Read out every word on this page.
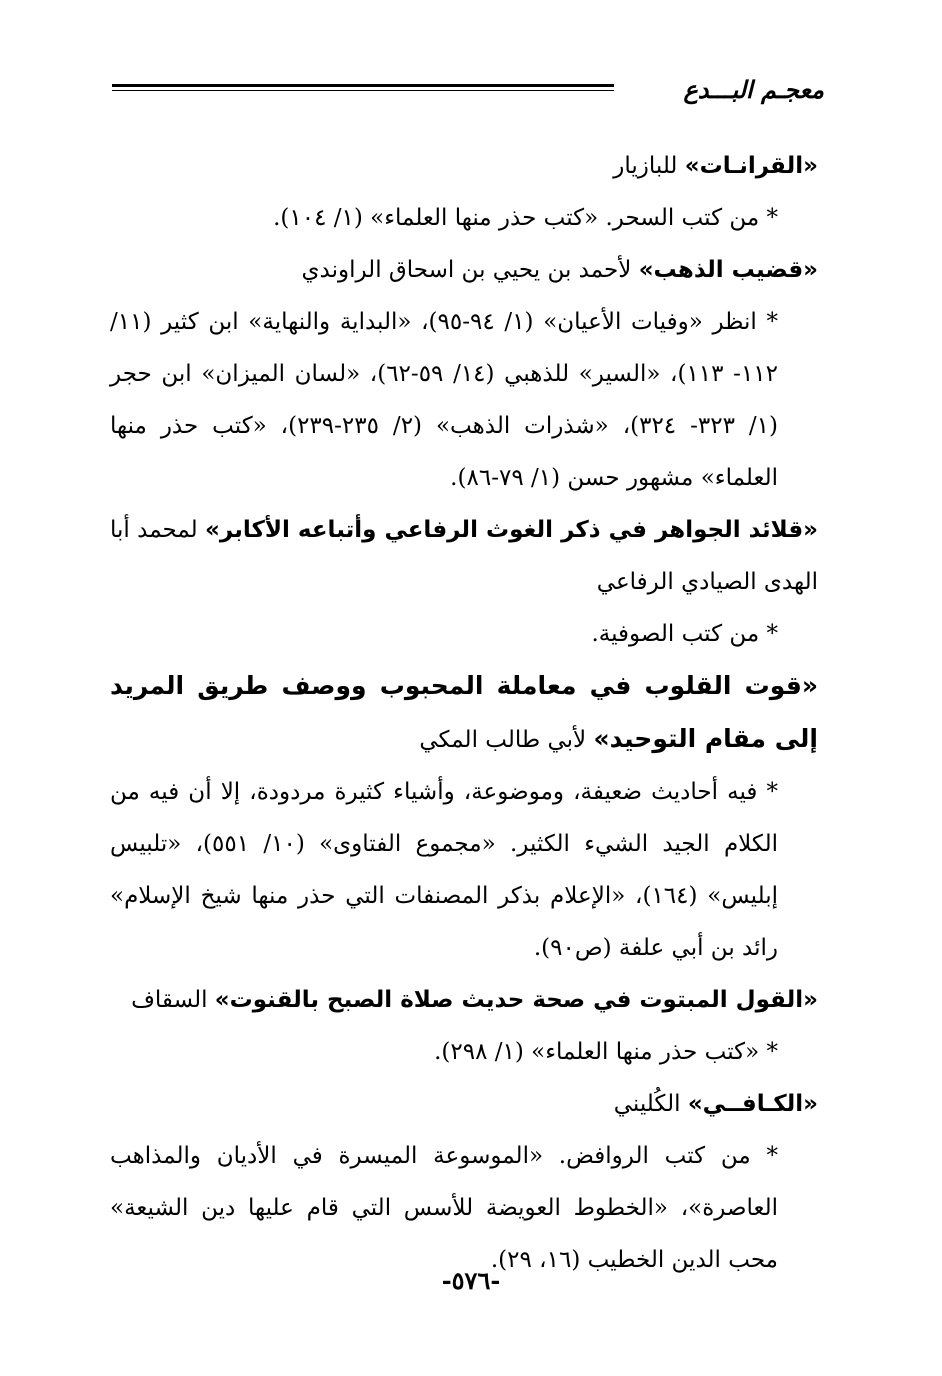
معجـم البـــدع

«القرانـات» للبازيار

* من كتب السحر. «كتب حذر منها العلماء» (١/ ١٠٤).

«قضيب الذهب» لأحمد بن يحيي بن اسحاق الراوندي

* انظر «وفيات الأعيان» (١/ ٩٤-٩٥)، «البداية والنهاية» ابن كثير (١١/ ١١٢- ١١٣)، «السير» للذهبي (١٤/ ٥٩-٦٢)، «لسان الميزان» ابن حجر (١/ ٣٢٣- ٣٢٤)، «شذرات الذهب» (٢/ ٢٣٥-٢٣٩)، «كتب حذر منها العلماء» مشهور حسن (١/ ٧٩-٨٦).

«قلائد الجواهر في ذكر الغوث الرفاعي وأتباعه الأكابر» لمحمد أبا الهدى الصيادي الرفاعي

* من كتب الصوفية.

«قوت القلوب في معاملة المحبوب ووصف طريق المريد إلى مقام التوحيد» لأبي طالب المكي

* فيه أحاديث ضعيفة، وموضوعة، وأشياء كثيرة مردودة، إلا أن فيه من الكلام الجيد الشيء الكثير. «مجموع الفتاوى» (١٠/ ٥٥١)، «تلبيس إبليس» (١٦٤)، «الإعلام بذكر المصنفات التي حذر منها شيخ الإسلام» رائد بن أبي علفة (ص٩٠).

«القول المبتوت في صحة حديث صلاة الصبح بالقنوت» السقاف

* «كتب حذر منها العلماء» (١/ ٢٩٨).

«الكـافــي» الكُليني

* من كتب الروافض. «الموسوعة الميسرة في الأديان والمذاهب العاصرة»، «الخطوط العويضة للأسس التي قام عليها دين الشيعة» محب الدين الخطيب (١٦، ٢٩).

-٥٧٦-
